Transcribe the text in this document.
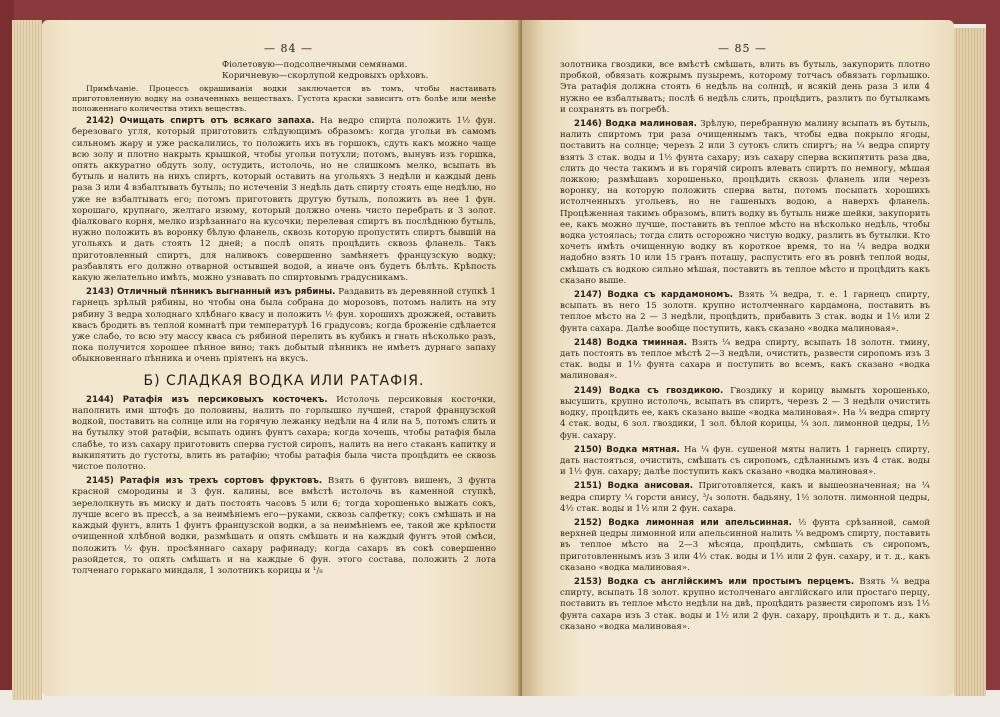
— 84 —

Фіолетовую—подсолнечными семянами.

Коричневую—скорлупой кедровыхъ орѣховъ.

Примѣчаніе. Процессъ окрашиванія водки заключается въ томъ, чтобы настаивать приготовленную водку на означенныхъ веществахъ. Густота краски зависитъ отъ болѣе или менѣе положеннаго количества этихъ веществъ.

2142) Очищать спиртъ отъ всякаго запаха. На ведро спирта положить 1½ фун. березоваго угля, который приготовить слѣдующимъ образомъ: когда угольи въ самомъ сильномъ жару и уже раскалились, то положить ихъ въ горшокъ, сдуть какъ можно чаще всю золу и плотно накрыть крышкой, чтобы угольи потухли; потомъ, вынувъ изъ горшка, опять аккуратно обдуть золу, остудить, истолочь, но не слишкомъ мелко, всыпать въ бутыль и налить на нихъ спиртъ, который оставить на угольяхъ 3 недѣли и каждый день раза 3 или 4 взбалтывать бутыль; по истеченіи 3 недѣль дать спирту стоять еще недѣлю, но уже не взбалтывать его; потомъ приготовить другую бутыль, положить въ нее 1 фун. хорошаго, крупнаго, желтаго изюму, который должно очень чисто перебрать и 3 золот. фіалковаго корня, мелко изрѣзаннаго на кусочки; перелевая спиртъ въ послѣднюю бутыль, нужно положить въ воронку бѣлую фланель, сквозь которую пропустить спиртъ бывшій на угольяхъ и дать стоять 12 дней; а послѣ опять процѣдить сквозь фланель. Такъ приготовленный спиртъ, для наливокъ совершенно замѣняетъ французскую водку; разбавлять его должно отварной остывшей водой, а иначе онъ будетъ бѣлѣть. Крѣпость какую желательно имѣть, можно узнавать по спиртовымъ градусникамъ.

2143) Отличный пѣнникъ выгнанный изъ рябины. Раздавить въ деревянной ступкѣ 1 гарнецъ зрѣлый рябины, но чтобы она была собрана до морозовъ, потомъ налить на эту рябину 3 ведра холоднаго хлѣбнаго квасу и положить ½ фун. хорошихъ дрожжей, оставить квасъ бродить въ теплой комнатѣ при температурѣ 16 градусовъ; когда броженіе сдѣлается уже слабо, то всю эту массу кваса съ рябиной перелить въ кубикъ и гнать нѣсколько разъ, пока получится хорошее пѣнное вино; такъ добытый пѣнникъ не имѣетъ дурнаго запаху обыкновеннаго пѣнника и очень пріятенъ на вкусъ.

Б) СЛАДКАЯ ВОДКА ИЛИ РАТАФІЯ.

2144) Ратафія изъ персиковыхъ косточекъ. Истолочь персиковыя косточки, наполнить ими штофъ до половины, налить по горлышко лучшей, старой французской водкой, поставить на солнце или на горячую лежанку недѣли на 4 или на 5, потомъ слить и на бутылку этой ратафіи, всыпать одинъ фунтъ сахара; когда хочешь, чтобы ратафія была слабѣе, то изъ сахару приготовить сперва густой сиропъ, налить на него стаканъ капитку и выкипятить до густоты, влить въ ратафію; чтобы ратафія была чиста процѣдить ее сквозь чистое полотно.

2145) Ратафія изъ трехъ сортовъ фруктовъ. Взять 6 фунтовъ вишенъ, 3 фунта красной смородины и 3 фун. калины, все вмѣстѣ истолочь въ каменной ступкѣ, зерелолкнуть въ миску и дать постоять часовъ 5 или 6; тогда хорошенько выжать сокъ, лучше всего въ прессѣ, а за неимѣніемъ его—руками, сквозь салфетку; сокъ смѣшать и на каждый фунтъ, влить 1 фунтъ французской водки, а за неимѣніемъ ее, такой же крѣпости очищенной хлѣбной водки, размѣшать и опять смѣшать и на каждый фунтъ этой смѣси, положить ½ фун. просѣяннаго сахару рафинаду; когда сахаръ въ сокѣ совершенно разойдется, то опять смѣшать и на каждые 6 фун. этого состава, положить 2 лота толченаго горькаго миндаля, 1 золотникъ корицы и ¹/₈

— 85 —

золотника гвоздики, все вмѣстѣ смѣшать, влить въ бутыль, закупорить плотно пробкой, обвязать кожрымъ пузыремъ, которому тотчасъ обвязать горлышко. Эта ратафія должна стоять 6 недѣль на солнцѣ, и всякій день раза 3 или 4 нужно ее взбалтывать; послѣ 6 недѣль слить, процѣдить, разлить по бутылкамъ и сохранять въ погребѣ.

2146) Водка малиновая. Зрѣлую, перебранную малину всыпать въ бутыль, налить спиртомъ три раза очищеннымъ такъ, чтобы едва покрыло ягоды, поставить на солнце; черезъ 2 или 3 сутокъ слить спиртъ; на ¼ ведра спирту взять 3 стак. воды и 1½ фунта сахару; изъ сахару сперва вскипятить раза два, слить до честа такимъ и въ горячій сиропъ влевать спиртъ по немногу, мѣшая ложкою; размѣшавъ хорошенько, процѣдить сквозь фланель или черезъ воронку, на которую положить сперва ваты, потомъ посыпать хорошихъ истолченныхъ угольевъ, но не гашеныхъ водою, а наверхъ фланель. Процѣженная такимъ образомъ, влить водку въ бутыль ниже шейки, закупорить ее, какъ можно лучше, поставить въ теплое мѣсто на нѣсколько недѣль, чтобы водка устоялась; тогда слить осторожно чистую водку, разлить въ бутылки. Кто хочетъ имѣть очищенную водку въ короткое время, то на ¼ ведра водки надобно взять 10 или 15 гранъ поташу, распустить его въ ровнѣ теплой воды, смѣшать съ водкою сильно мѣшая, поставить въ теплое мѣсто и процѣдить какъ сказано выше.

2147) Водка съ кардамономъ. Взять ¼ ведра, т. е. 1 гарнецъ спирту, всыпать въ него 15 золотн. крупно истолченнаго кардамона, поставить въ теплое мѣсто на 2 — 3 недѣли, процѣдить, прибавить 3 стак. воды и 1½ или 2 фунта сахара. Далѣе вообще поступить, какъ сказано «водка малиновая».

2148) Водка тминная. Взять ¼ ведра спирту, всыпать 18 золотн. тмину, дать постоять въ теплое мѣстѣ 2—3 недѣли, очистить, развести сиропомъ изъ 3 стак. воды и 1½ фунта сахара и поступить во всемъ, какъ сказано «водка малиновая».

2149) Водка съ гвоздикою. Гвоздику и корицу вымыть хорошенько, высушить, крупно истолочь, всыпать въ спиртъ, черезъ 2 — 3 недѣли очистить водку, процѣдить ее, какъ сказано выше «водка малиновая». На ¼ ведра спирту 4 стак. воды, 6 зол. гвоздики, 1 зол. бѣлой корицы, ¼ зол. лимонной цедры, 1½ фун. сахару.

2150) Водка мятная. На ¼ фун. сушеной мяты налить 1 гарнецъ спирту, дать настояться, очистить, смѣшать съ сиропомъ, сдѣланнымъ изъ 4 стак. воды и 1½ фун. сахару; далѣе поступить какъ сказано «водка малиновая».

2151) Водка анисовая. Приготовляется, какъ и вышеозначенная; на ¼ ведра спирту ¼ горсти анису, ³/₄ золотн. бадьяну, 1½ золотн. лимонной цедры, 4½ стак. воды и 1½ или 2 фун. сахара.

2152) Водка лимонная или апельсинная. ½ фунта срѣзанной, самой верхней цедры лимонной или апельсинной налить ¼ ведромъ спирту, поставить въ теплое мѣсто на 2—3 мѣсяца, процѣдить, смѣшать съ сиропомъ, приготовленнымъ изъ 3 или 4½ стак. воды и 1½ или 2 фун. сахару, и т. д., какъ сказано «водка малиновая».

2153) Водка съ англійскимъ или простымъ перцемъ. Взять ¼ ведра спирту, всыпать 18 золот. крупно истолченаго англійскаго или простаго перцу, поставить въ теплое мѣсто недѣли на двѣ, процѣдить развести сиропомъ изъ 1½ фунта сахара изъ 3 стак. воды и 1½ или 2 фун. сахару, процѣдить и т. д., какъ сказано «водка малиновая».
